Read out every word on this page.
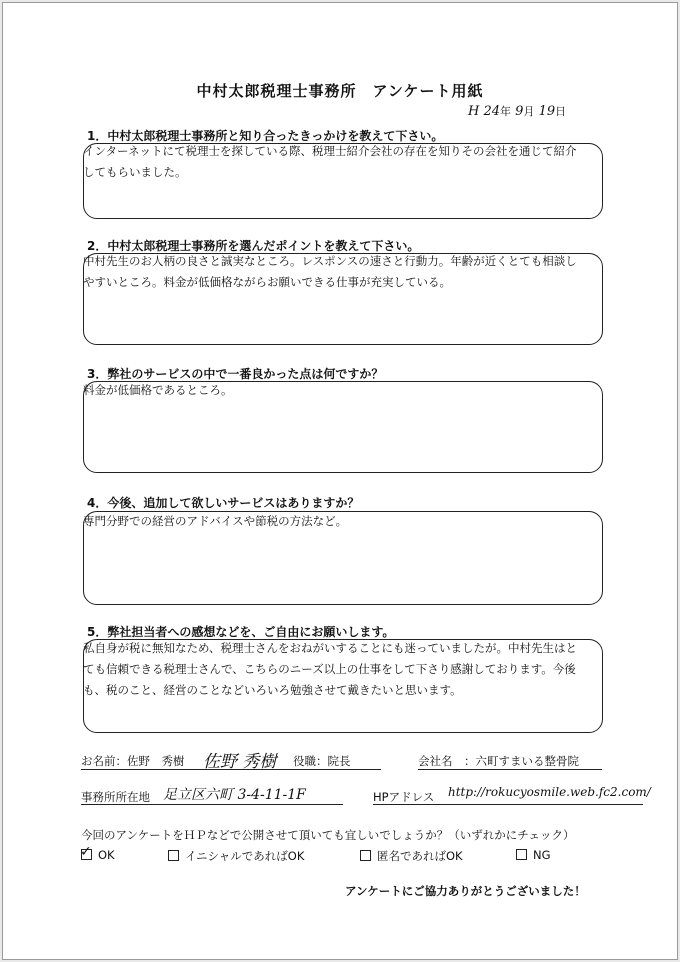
中村太郎税理士事務所　アンケート用紙
H 24年 9月 19日
1．中村太郎税理士事務所と知り合ったきっかけを教えて下さい。
インターネットにて税理士を探している際、税理士紹介会社の存在を知りその会社を通じて紹介
してもらいました。
2．中村太郎税理士事務所を選んだポイントを教えて下さい。
中村先生のお人柄の良さと誠実なところ。レスポンスの速さと行動力。年齢が近くとても相談し
やすいところ。料金が低価格ながらお願いできる仕事が充実している。
3．弊社のサービスの中で一番良かった点は何ですか？
料金が低価格であるところ。
4．今後、追加して欲しいサービスはありますか？
専門分野での経営のアドバイスや節税の方法など。
5．弊社担当者への感想などを、ご自由にお願いします。
私自身が税に無知なため、税理士さんをおねがいすることにも迷っていましたが。中村先生はと
ても信頼できる税理士さんで、こちらのニーズ以上の仕事をして下さり感謝しております。今後
も、税のこと、経営のことなどいろいろ勉強させて戴きたいと思います。
お名前：佐野　秀樹 佐野 秀樹 役職：院長	会社名　：六町すまいる整骨院
事務所所在地 足立区六町 3-4-11-1F	HPアドレス http://rokucyosmile.web.fc2.com/
今回のアンケートをＨＰなどで公開させて頂いても宜しいでしょうか？（いずれかにチェック）
✓ OK	イニシャルであればOK	匿名であればOK	NG
アンケートにご協力ありがとうございました！
